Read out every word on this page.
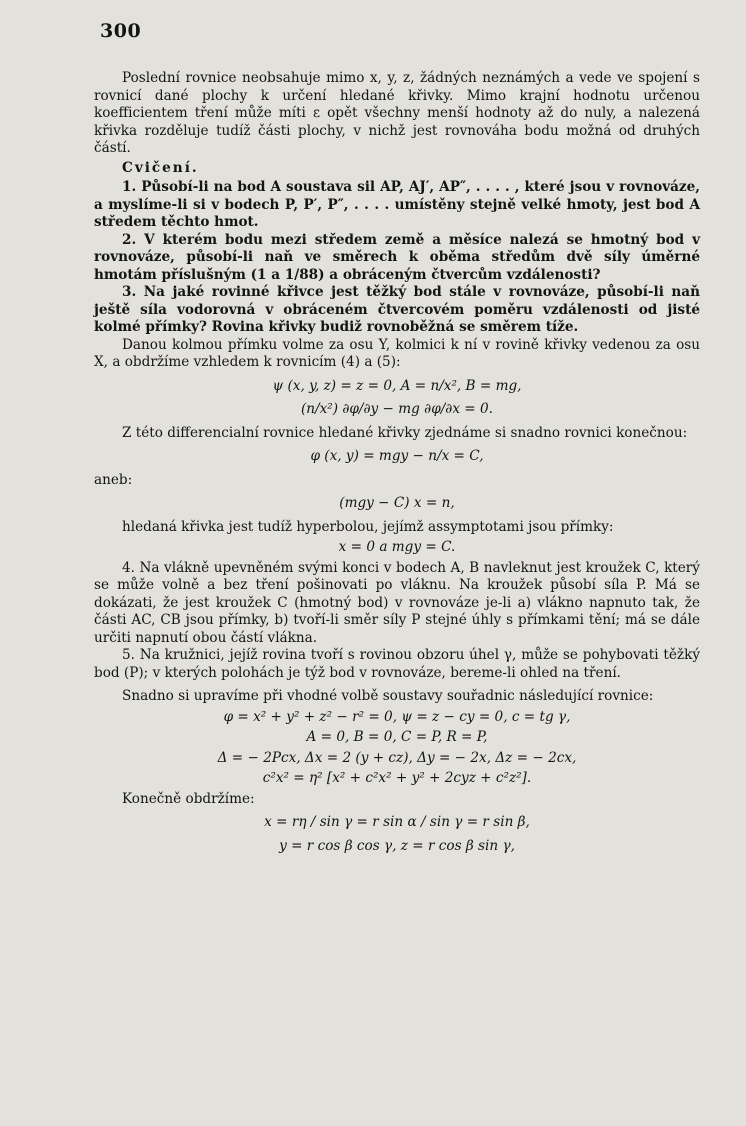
300

Poslední rovnice neobsahuje mimo x, y, z, žádných neznámých a vede ve spojení s rovnicí dané plochy k určení hledané křivky. Mimo krajní hodnotu určenou koefficientem tření může míti ε opět všechny menší hodnoty až do nuly, a nalezená křivka rozděluje tudíž části plochy, v nichž jest rovnováha bodu možná od druhých částí.

Cvičení.

1. Působí-li na bod A soustava sil AP, AJ′, AP″, . . . . , které jsou v rovnováze, a myslíme-li si v bodech P, P′, P″, . . . . umístěny stejně velké hmoty, jest bod A středem těchto hmot.

2. V kterém bodu mezi středem země a měsíce nalezá se hmotný bod v rovnováze, působí-li naň ve směrech k oběma středům dvě síly úměrné hmotám příslušným (1 a 1/88) a obráceným čtvercům vzdálenosti?

3. Na jaké rovinné křivce jest těžký bod stále v rovnováze, působí-li naň ještě síla vodorovná v obráceném čtvercovém poměru vzdálenosti od jisté kolmé přímky? Rovina křivky budiž rovnoběžná se směrem tíže.

Danou kolmou přímku volme za osu Y, kolmici k ní v rovině křivky vedenou za osu X, a obdržíme vzhledem k rovnicím (4) a (5):

ψ (x, y, z) = z = 0, A = n/x², B = mg,
(n/x²) ∂φ/∂y − mg ∂φ/∂x = 0.

Z této differencialní rovnice hledané křivky zjednáme si snadno rovnici konečnou:

φ (x, y) = mgy − n/x = C,

aneb:

(mgy − C) x = n,

hledaná křivka jest tudíž hyperbolou, jejímž assymptotami jsou přímky:

x = 0 a mgy = C.

4. Na vlákně upevněném svými konci v bodech A, B navleknut jest kroužek C, který se může volně a bez tření pošinovati po vláknu. Na kroužek působí síla P. Má se dokázati, že jest kroužek C (hmotný bod) v rovnováze je-li a) vlákno napnuto tak, že části AC, CB jsou přímky, b) tvoří-li směr síly P stejné úhly s přímkami tění; má se dále určiti napnutí obou částí vlákna.

5. Na kružnici, jejíž rovina tvoří s rovinou obzoru úhel γ, může se pohybovati těžký bod (P); v kterých polohách je týž bod v rovnováze, bereme-li ohled na tření.

Snadno si upravíme při vhodné volbě soustavy souřadnic následující rovnice:

φ = x² + y² + z² − r² = 0, ψ = z − cy = 0, c = tg γ,
A = 0, B = 0, C = P, R = P,
Δ = − 2Pcx, Δx = 2 (y + cz), Δy = − 2x, Δz = − 2cx,
c²x² = η² [x² + c²x² + y² + 2cyz + c²z²].

Konečně obdržíme:

x = rη / sin γ = r sin α / sin γ = r sin β,
y = r cos β cos γ, z = r cos β sin γ,
